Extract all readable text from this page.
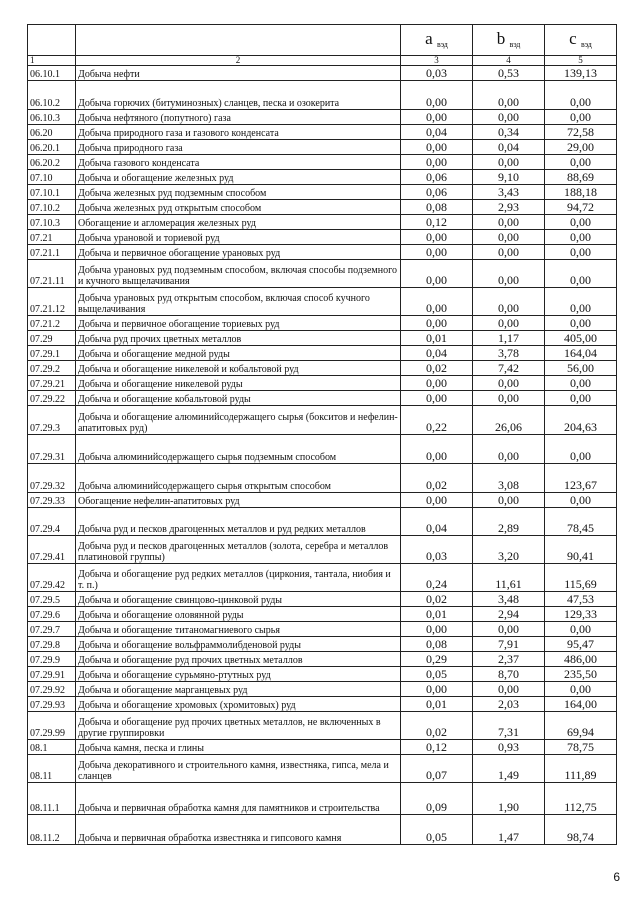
		a $_{вэд}$	b $_{вэд}$	c $_{вэд}$
1	2	3	4	5
06.10.1	Добыча нефти	0,03	0,53	139,13
06.10.2	Добыча горючих (битуминозных) сланцев, песка и озокерита	0,00	0,00	0,00
06.10.3	Добыча нефтяного (попутного) газа	0,00	0,00	0,00
06.20	Добыча природного газа и газового конденсата	0,04	0,34	72,58
06.20.1	Добыча природного газа	0,00	0,04	29,00
06.20.2	Добыча газового конденсата	0,00	0,00	0,00
07.10	Добыча и обогащение железных руд	0,06	9,10	88,69
07.10.1	Добыча железных руд подземным способом	0,06	3,43	188,18
07.10.2	Добыча железных руд открытым способом	0,08	2,93	94,72
07.10.3	Обогащение и агломерация железных руд	0,12	0,00	0,00
07.21	Добыча урановой и ториевой руд	0,00	0,00	0,00
07.21.1	Добыча и первичное обогащение урановых руд	0,00	0,00	0,00
07.21.11	Добыча урановых руд подземным способом, включая способы подземного и кучного выщелачивания	0,00	0,00	0,00
07.21.12	Добыча урановых руд открытым способом, включая способ кучного выщелачивания	0,00	0,00	0,00
07.21.2	Добыча и первичное обогащение ториевых руд	0,00	0,00	0,00
07.29	Добыча руд прочих цветных металлов	0,01	1,17	405,00
07.29.1	Добыча и обогащение медной руды	0,04	3,78	164,04
07.29.2	Добыча и обогащение никелевой и кобальтовой руд	0,02	7,42	56,00
07.29.21	Добыча и обогащение никелевой руды	0,00	0,00	0,00
07.29.22	Добыча и обогащение кобальтовой руды	0,00	0,00	0,00
07.29.3	Добыча и обогащение алюминийсодержащего сырья (бокситов и нефелин-апатитовых руд)	0,22	26,06	204,63
07.29.31	Добыча алюминийсодержащего сырья подземным способом	0,00	0,00	0,00
07.29.32	Добыча алюминийсодержащего сырья открытым способом	0,02	3,08	123,67
07.29.33	Обогащение нефелин-апатитовых руд	0,00	0,00	0,00
07.29.4	Добыча руд и песков драгоценных металлов и руд редких металлов	0,04	2,89	78,45
07.29.41	Добыча руд и песков драгоценных металлов (золота, серебра и металлов платиновой группы)	0,03	3,20	90,41
07.29.42	Добыча и обогащение руд редких металлов (циркония, тантала, ниобия и т. п.)	0,24	11,61	115,69
07.29.5	Добыча и обогащение свинцово-цинковой руды	0,02	3,48	47,53
07.29.6	Добыча и обогащение оловянной руды	0,01	2,94	129,33
07.29.7	Добыча и обогащение титаномагниевого сырья	0,00	0,00	0,00
07.29.8	Добыча и обогащение вольфраммолибденовой руды	0,08	7,91	95,47
07.29.9	Добыча и обогащение руд прочих цветных металлов	0,29	2,37	486,00
07.29.91	Добыча и обогащение сурьмяно-ртутных руд	0,05	8,70	235,50
07.29.92	Добыча и обогащение марганцевых руд	0,00	0,00	0,00
07.29.93	Добыча и обогащение хромовых (хромитовых) руд	0,01	2,03	164,00
07.29.99	Добыча и обогащение руд прочих цветных металлов, не включенных в другие группировки	0,02	7,31	69,94
08.1	Добыча камня, песка и глины	0,12	0,93	78,75
08.11	Добыча декоративного и строительного камня, известняка, гипса, мела и сланцев	0,07	1,49	111,89
08.11.1	Добыча и первичная обработка камня для памятников и строительства	0,09	1,90	112,75
08.11.2	Добыча и первичная обработка известняка и гипсового камня	0,05	1,47	98,74
6
